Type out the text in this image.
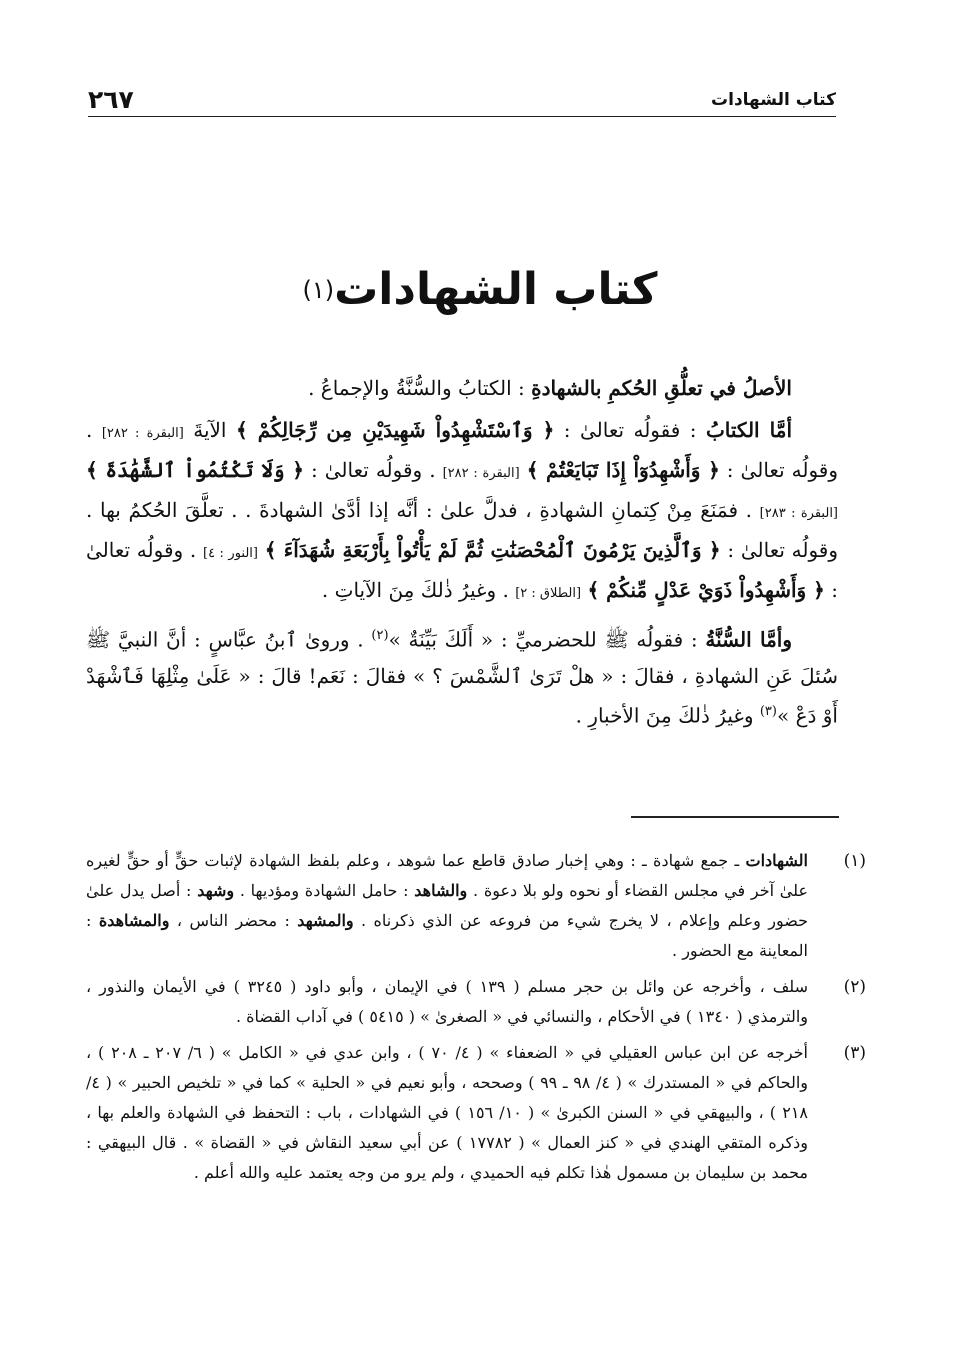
كتاب الشهادات
٢٦٧
كتاب الشهادات$^{(١)}$

الأصلُ في تعلُّقِ الحُكمِ بالشهادةِ : الكتابُ والسُّنَّةُ والإجماعُ .

أمَّا الكتابُ : فقولُه تعالىٰ : ﴿ وَٱسْتَشْهِدُواْ شَهِيدَيْنِ مِن رِّجَالِكُمْ ﴾ الآيةَ [البقرة : ٢٨٢] . وقولُه تعالىٰ : ﴿ وَأَشْهِدُوٓاْ إِذَا تَبَايَعْتُمْ ﴾ [البقرة : ٢٨٢] . وقولُه تعالىٰ : ﴿ وَلَا تَكْتُمُواْ ٱلشَّهَٰدَةَ ﴾ [البقرة : ٢٨٣] . فمَنَعَ مِنْ كِتمانِ الشهادةِ ، فدلَّ علىٰ : أنَّه إذا أدَّىٰ الشهادةَ . . تعلَّقَ الحُكمُ بها . وقولُه تعالىٰ : ﴿ وَٱلَّذِينَ يَرْمُونَ ٱلْمُحْصَنَٰتِ ثُمَّ لَمْ يَأْتُواْ بِأَرْبَعَةِ شُهَدَآءَ ﴾ [النور : ٤] . وقولُه تعالىٰ : ﴿ وَأَشْهِدُواْ ذَوَيْ عَدْلٍ مِّنكُمْ ﴾ [الطلاق : ٢] . وغيرُ ذٰلكَ مِنَ الآياتِ .

وأمَّا السُّنَّةُ : فقولُه ﷺ للحضرميِّ : « أَلَكَ بَيِّنَةٌ »$^{(٢)}$ . وروىٰ ٱبنُ عبَّاسٍ : أنَّ النبيَّ ﷺ سُئلَ عَنِ الشهادةِ ، فقالَ : « هلْ تَرَىٰ ٱلشَّمْسَ ؟ » فقالَ : نَعَم! قالَ : « عَلَىٰ مِثْلِهَا فَٱشْهَدْ أَوْ دَعْ »$^{(٣)}$ وغيرُ ذٰلكَ مِنَ الأخبارِ .

(١)
الشهادات ـ جمع شهادة ـ : وهي إخبار صادق قاطع عما شوهد ، وعلم بلفظ الشهادة لإثبات حقٍّ أو حقٍّ لغيره علىٰ آخر في مجلس القضاء أو نحوه ولو بلا دعوة . والشاهد : حامل الشهادة ومؤديها . وشهد : أصل يدل علىٰ حضور وعلم وإعلام ، لا يخرج شيء من فروعه عن الذي ذكرناه . والمشهد : محضر الناس ، والمشاهدة : المعاينة مع الحضور .
(٢)
سلف ، وأخرجه عن وائل بن حجر مسلم ( ١٣٩ ) في الإيمان ، وأبو داود ( ٣٢٤٥ ) في الأيمان والنذور ، والترمذي ( ١٣٤٠ ) في الأحكام ، والنسائي في « الصغرىٰ » ( ٥٤١٥ ) في آداب القضاة .
(٣)
أخرجه عن ابن عباس العقيلي في « الضعفاء » ( ٤/ ٧٠ ) ، وابن عدي في « الكامل » ( ٦/ ٢٠٧ ـ ٢٠٨ ) ، والحاكم في « المستدرك » ( ٤/ ٩٨ ـ ٩٩ ) وصححه ، وأبو نعيم في « الحلية » كما في « تلخيص الحبير » ( ٤/ ٢١٨ ) ، والبيهقي في « السنن الكبرىٰ » ( ١٠/ ١٥٦ ) في الشهادات ، باب : التحفظ في الشهادة والعلم بها ، وذكره المتقي الهندي في « كنز العمال » ( ١٧٧٨٢ ) عن أبي سعيد النقاش في « القضاة » . قال البيهقي : محمد بن سليمان بن مسمول هٰذا تكلم فيه الحميدي ، ولم يرو من وجه يعتمد عليه والله أعلم .
